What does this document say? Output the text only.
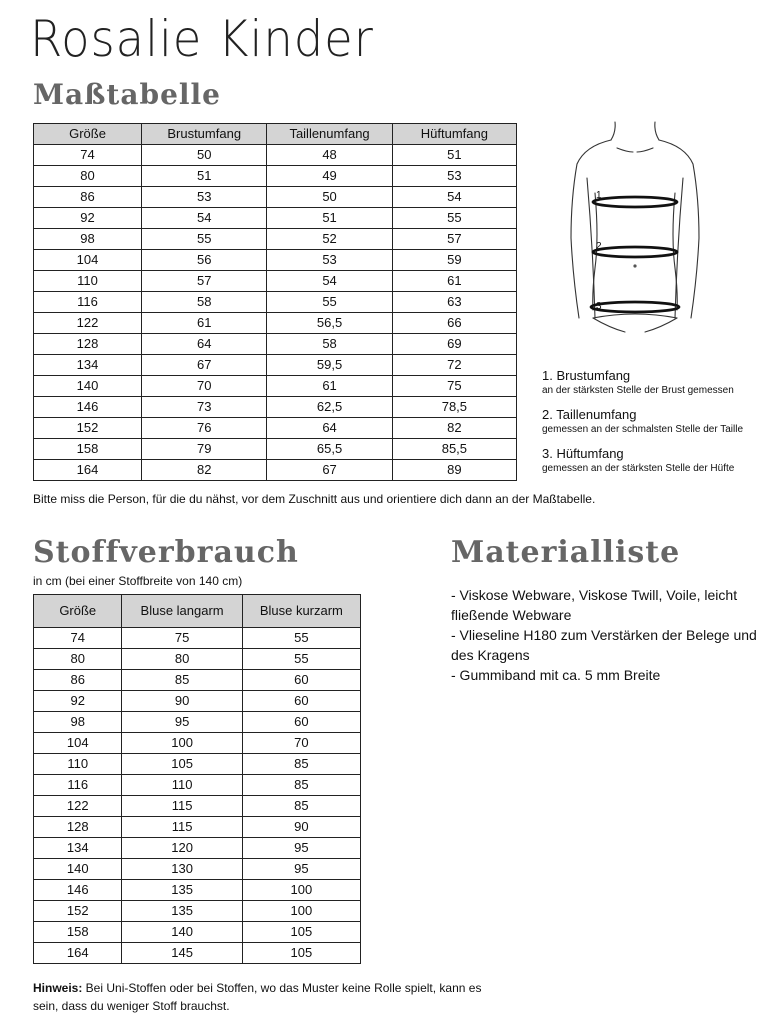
Rosalie Kinder
Maßtabelle
Größe	Brustumfang	Taillenumfang	Hüftumfang
74	50	48	51
80	51	49	53
86	53	50	54
92	54	51	55
98	55	52	57
104	56	53	59
110	57	54	61
116	58	55	63
122	61	56,5	66
128	64	58	69
134	67	59,5	72
140	70	61	75
146	73	62,5	78,5
152	76	64	82
158	79	65,5	85,5
164	82	67	89
Bitte miss die Person, für die du nähst, vor dem Zuschnitt aus und orientiere dich dann an der Maßtabelle.
1
2
3
1. Brustumfang
an der stärksten Stelle der Brust gemessen
2. Taillenumfang
gemessen an der schmalsten Stelle der Taille
3. Hüftumfang
gemessen an der stärksten Stelle der Hüfte
Stoffverbrauch
in cm (bei einer Stoffbreite von 140 cm)
Größe	Bluse langarm	Bluse kurzarm
74	75	55
80	80	55
86	85	60
92	90	60
98	95	60
104	100	70
110	105	85
116	110	85
122	115	85
128	115	90
134	120	95
140	130	95
146	135	100
152	135	100
158	140	105
164	145	105
Hinweis: Bei Uni-Stoffen oder bei Stoffen, wo das Muster keine Rolle spielt, kann es sein, dass du weniger Stoff brauchst.
Materialliste
- Viskose Webware, Viskose Twill, Voile, leicht fließende Webware
- Vlieseline H180 zum Verstärken der Belege und des Kragens
- Gummiband mit ca. 5 mm Breite
